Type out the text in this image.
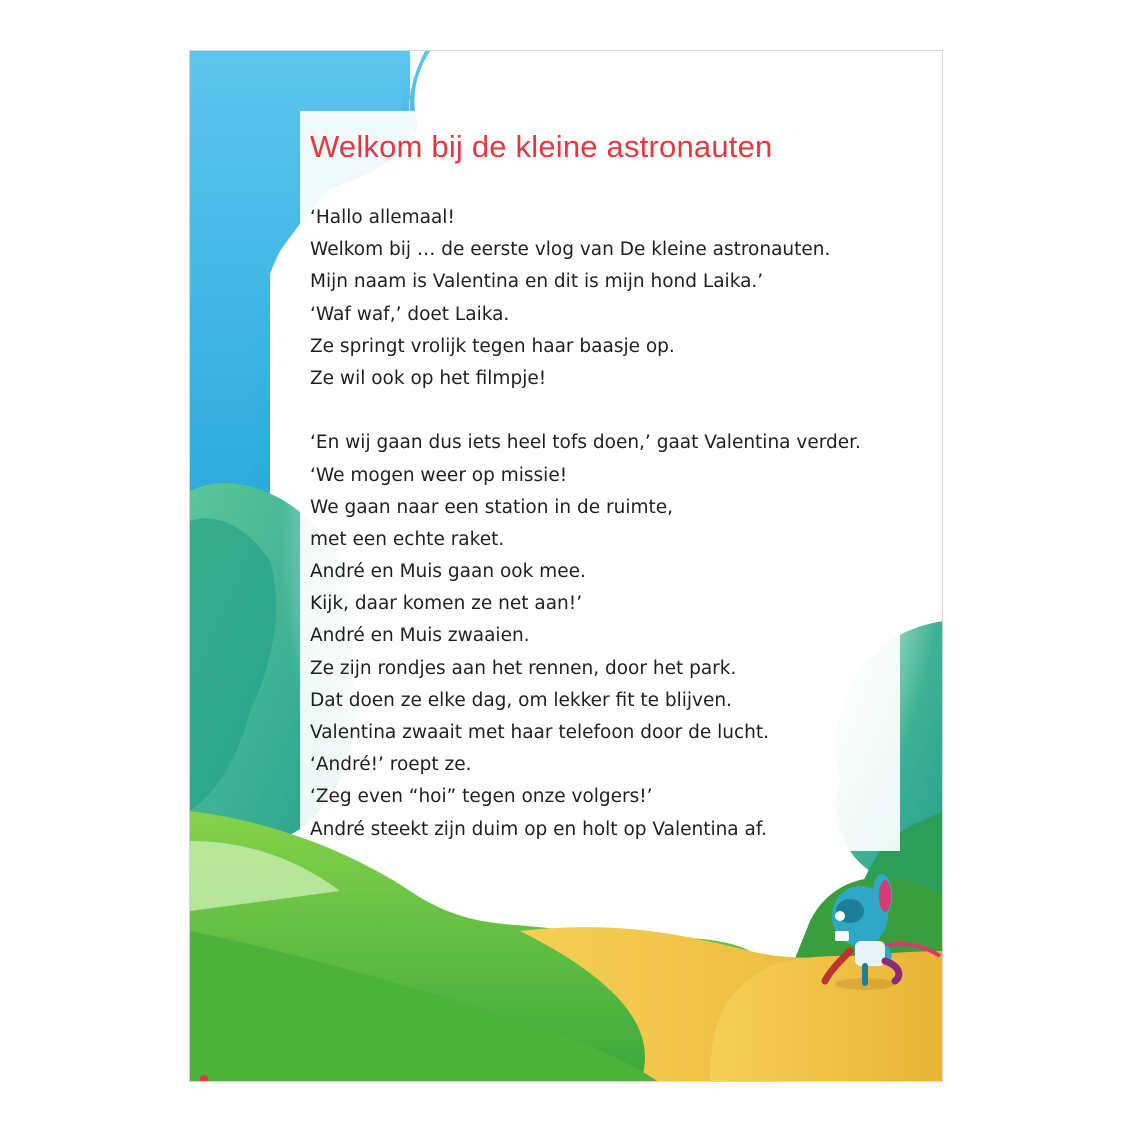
Welkom bij de kleine astronauten
‘Hallo allemaal!
Welkom bij … de eerste vlog van De kleine astronauten.
Mijn naam is Valentina en dit is mijn hond Laika.’
‘Waf waf,’ doet Laika.
Ze springt vrolijk tegen haar baasje op.
Ze wil ook op het filmpje!
‘En wij gaan dus iets heel tofs doen,’ gaat Valentina verder.
‘We mogen weer op missie!
We gaan naar een station in de ruimte,
met een echte raket.
André en Muis gaan ook mee.
Kijk, daar komen ze net aan!’
André en Muis zwaaien.
Ze zijn rondjes aan het rennen, door het park.
Dat doen ze elke dag, om lekker fit te blijven.
Valentina zwaait met haar telefoon door de lucht.
‘André!’ roept ze.
‘Zeg even “hoi” tegen onze volgers!’
André steekt zijn duim op en holt op Valentina af.
